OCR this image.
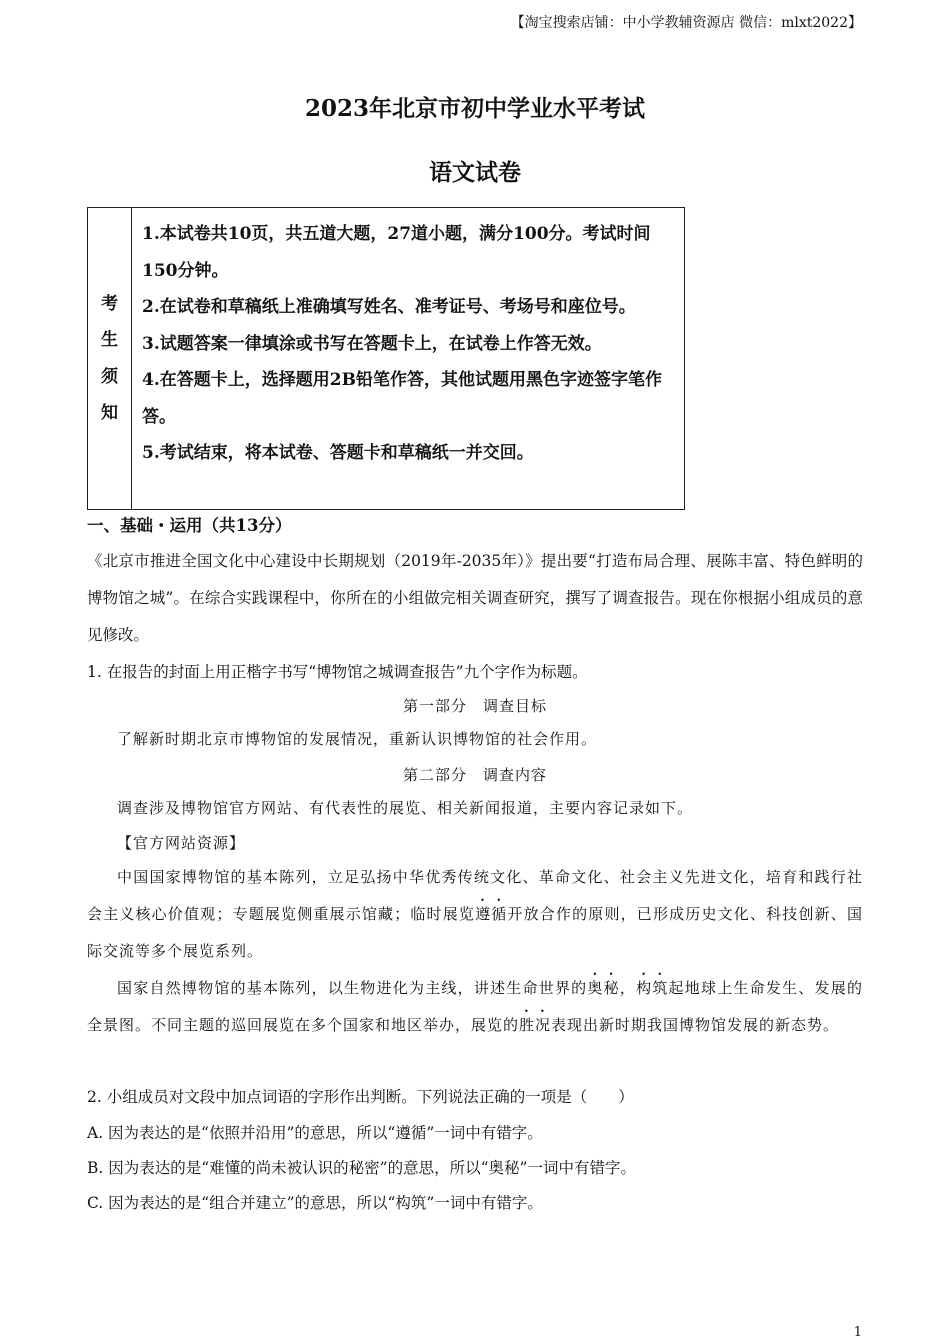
【淘宝搜索店铺：中小学教辅资源店 微信：mlxt2022】
2023年北京市初中学业水平考试
语文试卷
考
生
须
知
1.本试卷共10页，共五道大题，27道小题，满分100分。考试时间150分钟。
2.在试卷和草稿纸上准确填写姓名、准考证号、考场号和座位号。
3.试题答案一律填涂或书写在答题卡上，在试卷上作答无效。
4.在答题卡上，选择题用2B铅笔作答，其他试题用黑色字迹签字笔作答。
5.考试结束，将本试卷、答题卡和草稿纸一并交回。
一、基础・运用（共13分）
《北京市推进全国文化中心建设中长期规划（2019年-2035年）》提出要“打造布局合理、展陈丰富、特色鲜明的博物馆之城”。在综合实践课程中，你所在的小组做完相关调查研究，撰写了调查报告。现在你根据小组成员的意见修改。
1. 在报告的封面上用正楷字书写“博物馆之城调查报告”九个字作为标题。
第一部分　调查目标
了解新时期北京市博物馆的发展情况，重新认识博物馆的社会作用。
第二部分　调查内容
调查涉及博物馆官方网站、有代表性的展览、相关新闻报道，主要内容记录如下。
【官方网站资源】
中国国家博物馆的基本陈列，立足弘扬中华优秀传统文化、革命文化、社会主义先进文化，培育和践行社会主义核心价值观；专题展览侧重展示馆藏；临时展览遵循开放合作的原则，已形成历史文化、科技创新、国际交流等多个展览系列。
国家自然博物馆的基本陈列，以生物进化为主线，讲述生命世界的奥秘，构筑起地球上生命发生、发展的全景图。不同主题的巡回展览在多个国家和地区举办，展览的胜况表现出新时期我国博物馆发展的新态势。
2. 小组成员对文段中加点词语的字形作出判断。下列说法正确的一项是（　　）
A. 因为表达的是“依照并沿用”的意思，所以“遵循”一词中有错字。
B. 因为表达的是“难懂的尚未被认识的秘密”的意思，所以“奥秘”一词中有错字。
C. 因为表达的是“组合并建立”的意思，所以“构筑”一词中有错字。
1
